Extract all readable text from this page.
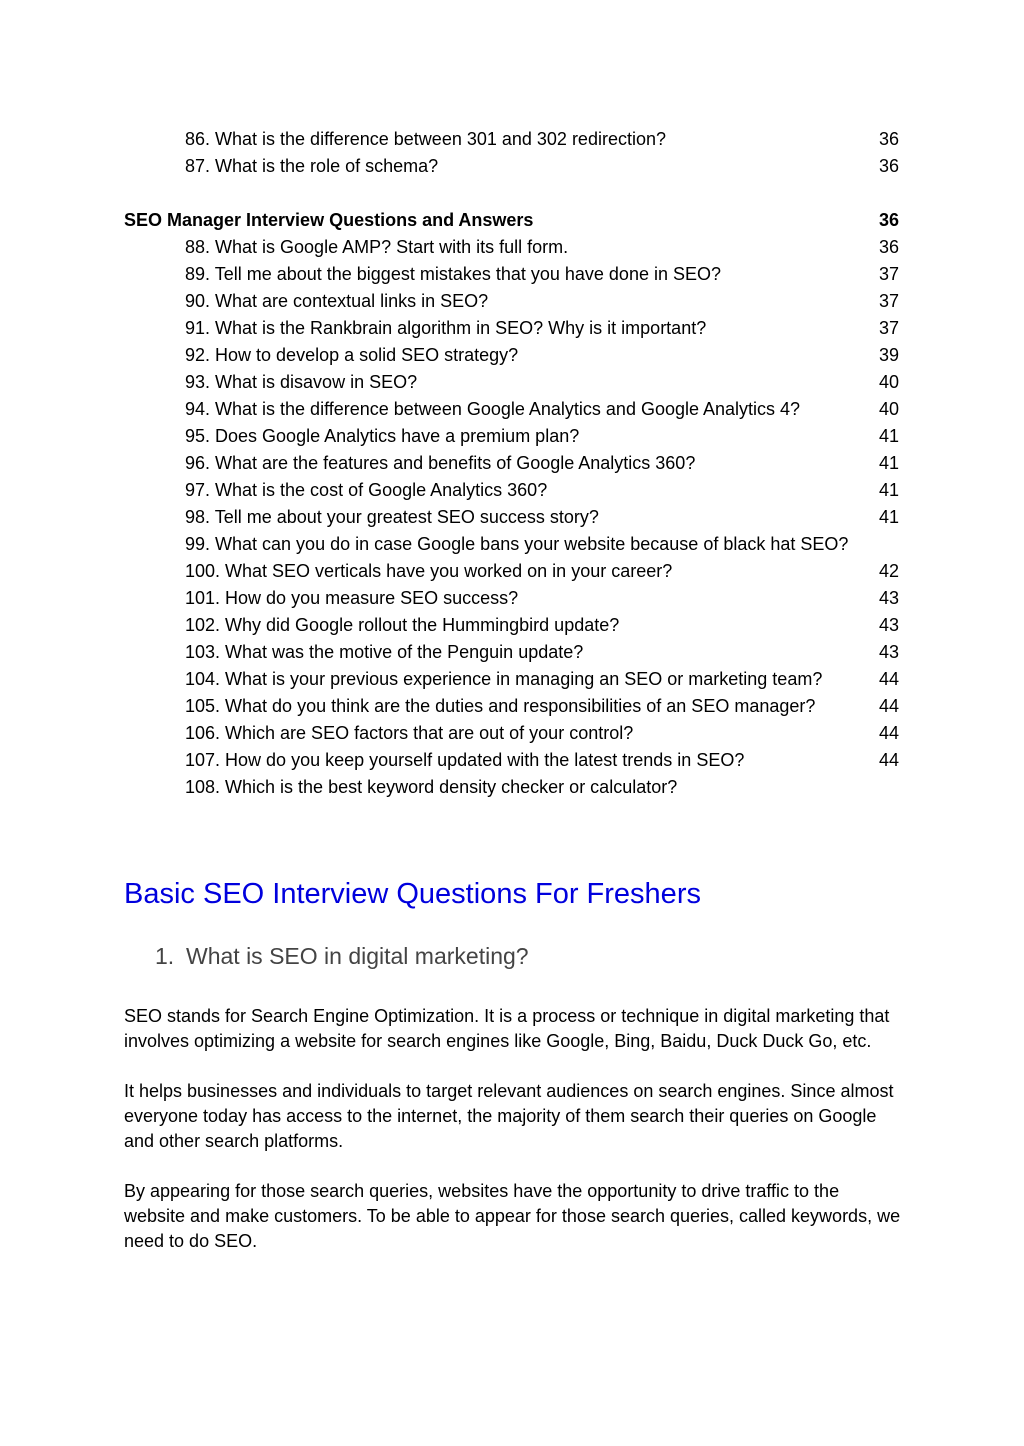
86. What is the difference between 301 and 302 redirection?	36
87. What is the role of schema?	36
SEO Manager Interview Questions and Answers	36
88. What is Google AMP? Start with its full form.	36
89. Tell me about the biggest mistakes that you have done in SEO?	37
90. What are contextual links in SEO?	37
91. What is the Rankbrain algorithm in SEO? Why is it important?	37
92. How to develop a solid SEO strategy?	39
93. What is disavow in SEO?	40
94. What is the difference between Google Analytics and Google Analytics 4?	40
95. Does Google Analytics have a premium plan?	41
96. What are the features and benefits of Google Analytics 360?	41
97. What is the cost of Google Analytics 360?	41
98. Tell me about your greatest SEO success story?	41
99. What can you do in case Google bans your website because of black hat SEO?
100. What SEO verticals have you worked on in your career?	42
101. How do you measure SEO success?	43
102. Why did Google rollout the Hummingbird update?	43
103. What was the motive of the Penguin update?	43
104. What is your previous experience in managing an SEO or marketing team?	44
105. What do you think are the duties and responsibilities of an SEO manager?	44
106. Which are SEO factors that are out of your control?	44
107. How do you keep yourself updated with the latest trends in SEO?	44
108. Which is the best keyword density checker or calculator?
Basic SEO Interview Questions For Freshers
1. What is SEO in digital marketing?

SEO stands for Search Engine Optimization. It is a process or technique in digital marketing that involves optimizing a website for search engines like Google, Bing, Baidu, Duck Duck Go, etc.

It helps businesses and individuals to target relevant audiences on search engines. Since almost everyone today has access to the internet, the majority of them search their queries on Google and other search platforms.

By appearing for those search queries, websites have the opportunity to drive traffic to the website and make customers. To be able to appear for those search queries, called keywords, we need to do SEO.
